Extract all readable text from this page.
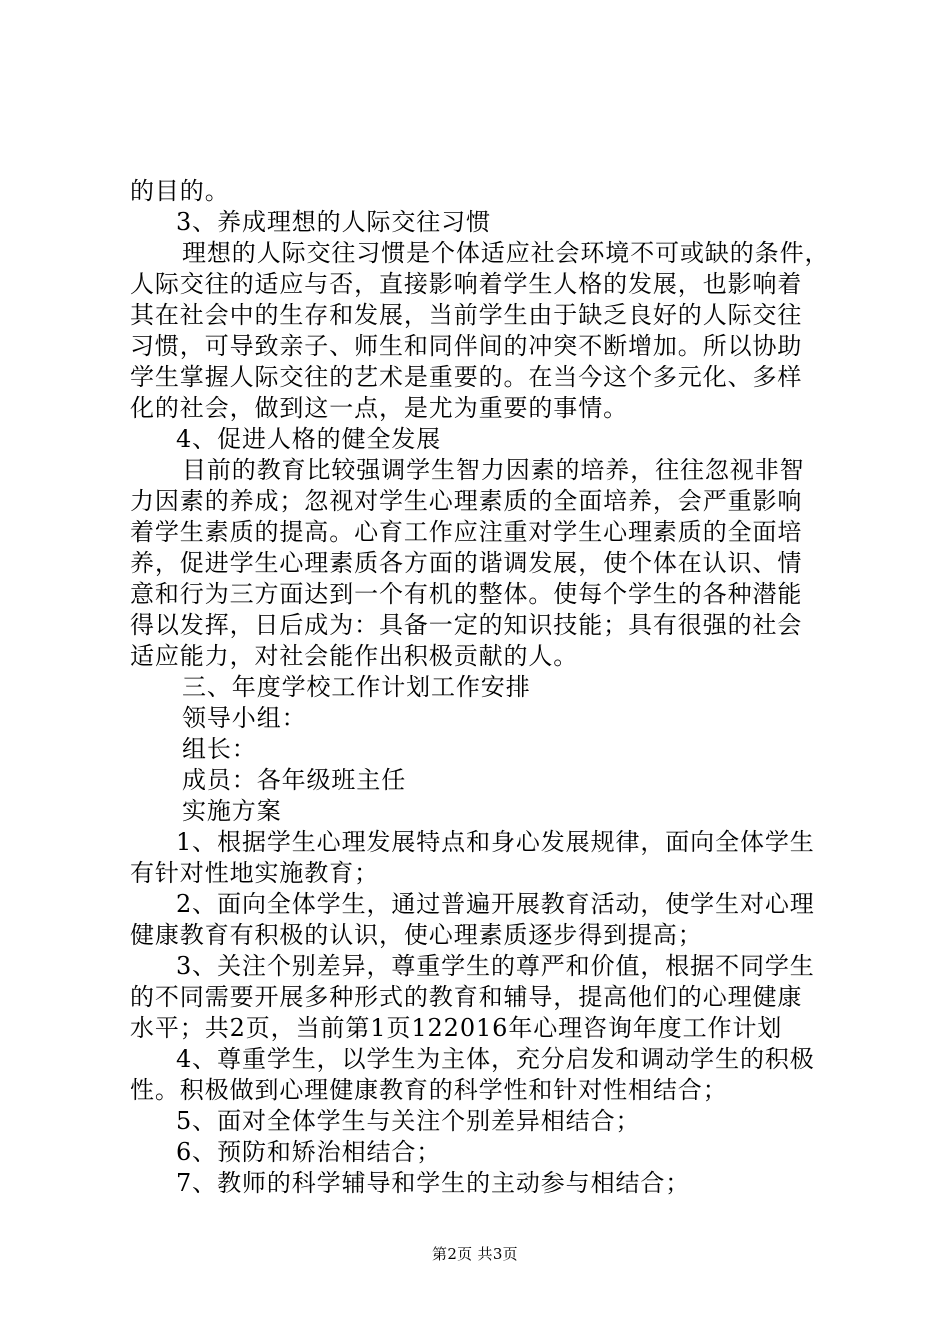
的目的。
3、养成理想的人际交往习惯
理想的人际交往习惯是个体适应社会环境不可或缺的条件，
人际交往的适应与否，直接影响着学生人格的发展，也影响着
其在社会中的生存和发展，当前学生由于缺乏良好的人际交往
习惯，可导致亲子、师生和同伴间的冲突不断增加。所以协助
学生掌握人际交往的艺术是重要的。在当今这个多元化、多样
化的社会，做到这一点，是尤为重要的事情。
4、促进人格的健全发展
目前的教育比较强调学生智力因素的培养，往往忽视非智
力因素的养成；忽视对学生心理素质的全面培养，会严重影响
着学生素质的提高。心育工作应注重对学生心理素质的全面培
养，促进学生心理素质各方面的谐调发展，使个体在认识、情
意和行为三方面达到一个有机的整体。使每个学生的各种潜能
得以发挥，日后成为：具备一定的知识技能；具有很强的社会
适应能力，对社会能作出积极贡献的人。
三、年度学校工作计划工作安排
领导小组：
组长：
成员：各年级班主任
实施方案
1、根据学生心理发展特点和身心发展规律，面向全体学生
有针对性地实施教育；
2、面向全体学生，通过普遍开展教育活动，使学生对心理
健康教育有积极的认识，使心理素质逐步得到提高；
3、关注个别差异，尊重学生的尊严和价值，根据不同学生
的不同需要开展多种形式的教育和辅导，提高他们的心理健康
水平；共2页，当前第1页122016年心理咨询年度工作计划
4、尊重学生，以学生为主体，充分启发和调动学生的积极
性。积极做到心理健康教育的科学性和针对性相结合；
5、面对全体学生与关注个别差异相结合；
6、预防和矫治相结合；
7、教师的科学辅导和学生的主动参与相结合；
第2页 共3页
